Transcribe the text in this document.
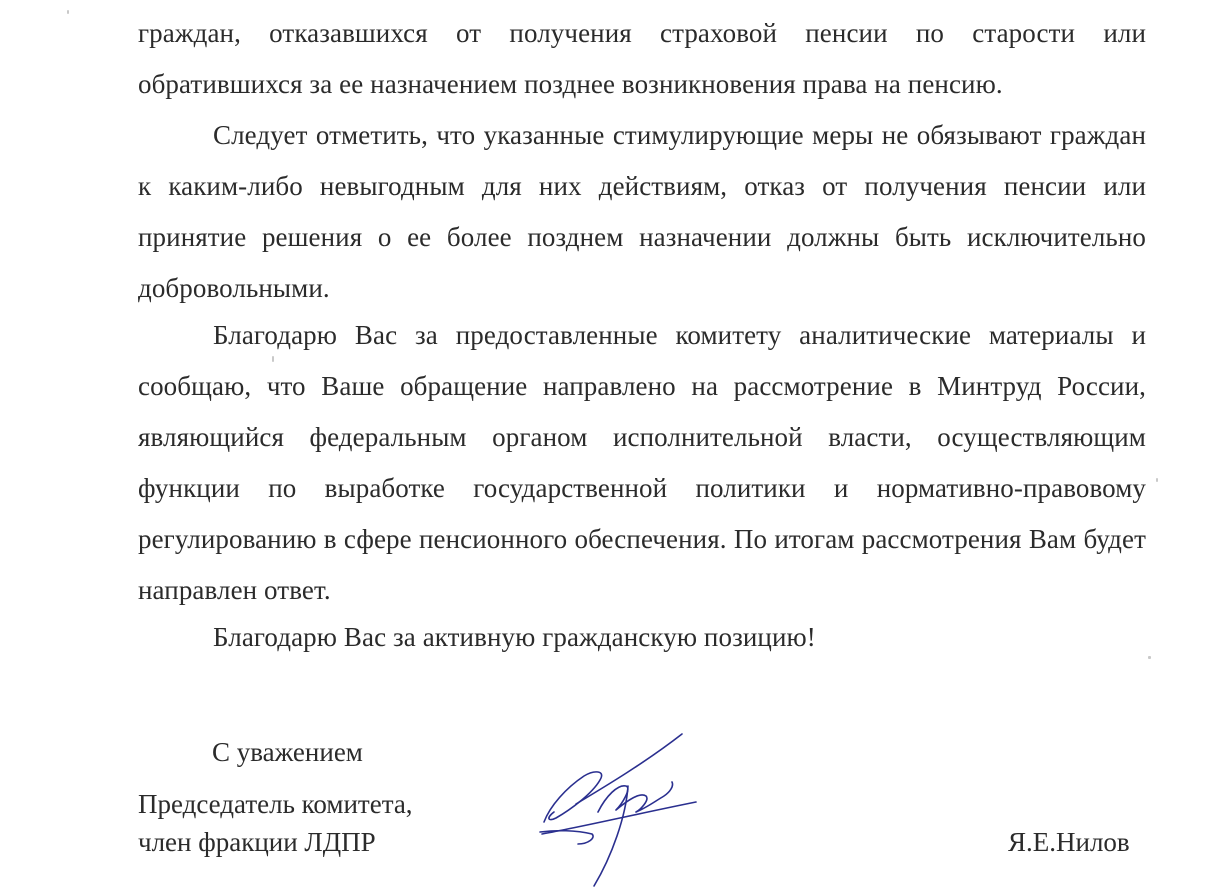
граждан, отказавшихся от получения страховой пенсии по старости или обратившихся за ее назначением позднее возникновения права на пенсию.

Следует отметить, что указанные стимулирующие меры не обязывают граждан к каким-либо невыгодным для них действиям, отказ от получения пенсии или принятие решения о ее более позднем назначении должны быть исключительно добровольными.

Благодарю Вас за предоставленные комитету аналитические материалы и сообщаю, что Ваше обращение направлено на рассмотрение в Минтруд России, являющийся федеральным органом исполнительной власти, осуществляющим функции по выработке государственной политики и нормативно-правовому регулированию в сфере пенсионного обеспечения. По итогам рассмотрения Вам будет направлен ответ.

Благодарю Вас за активную гражданскую позицию!

С уважением

Председатель комитета,
член фракции ЛДПР	Я.Е.Нилов
